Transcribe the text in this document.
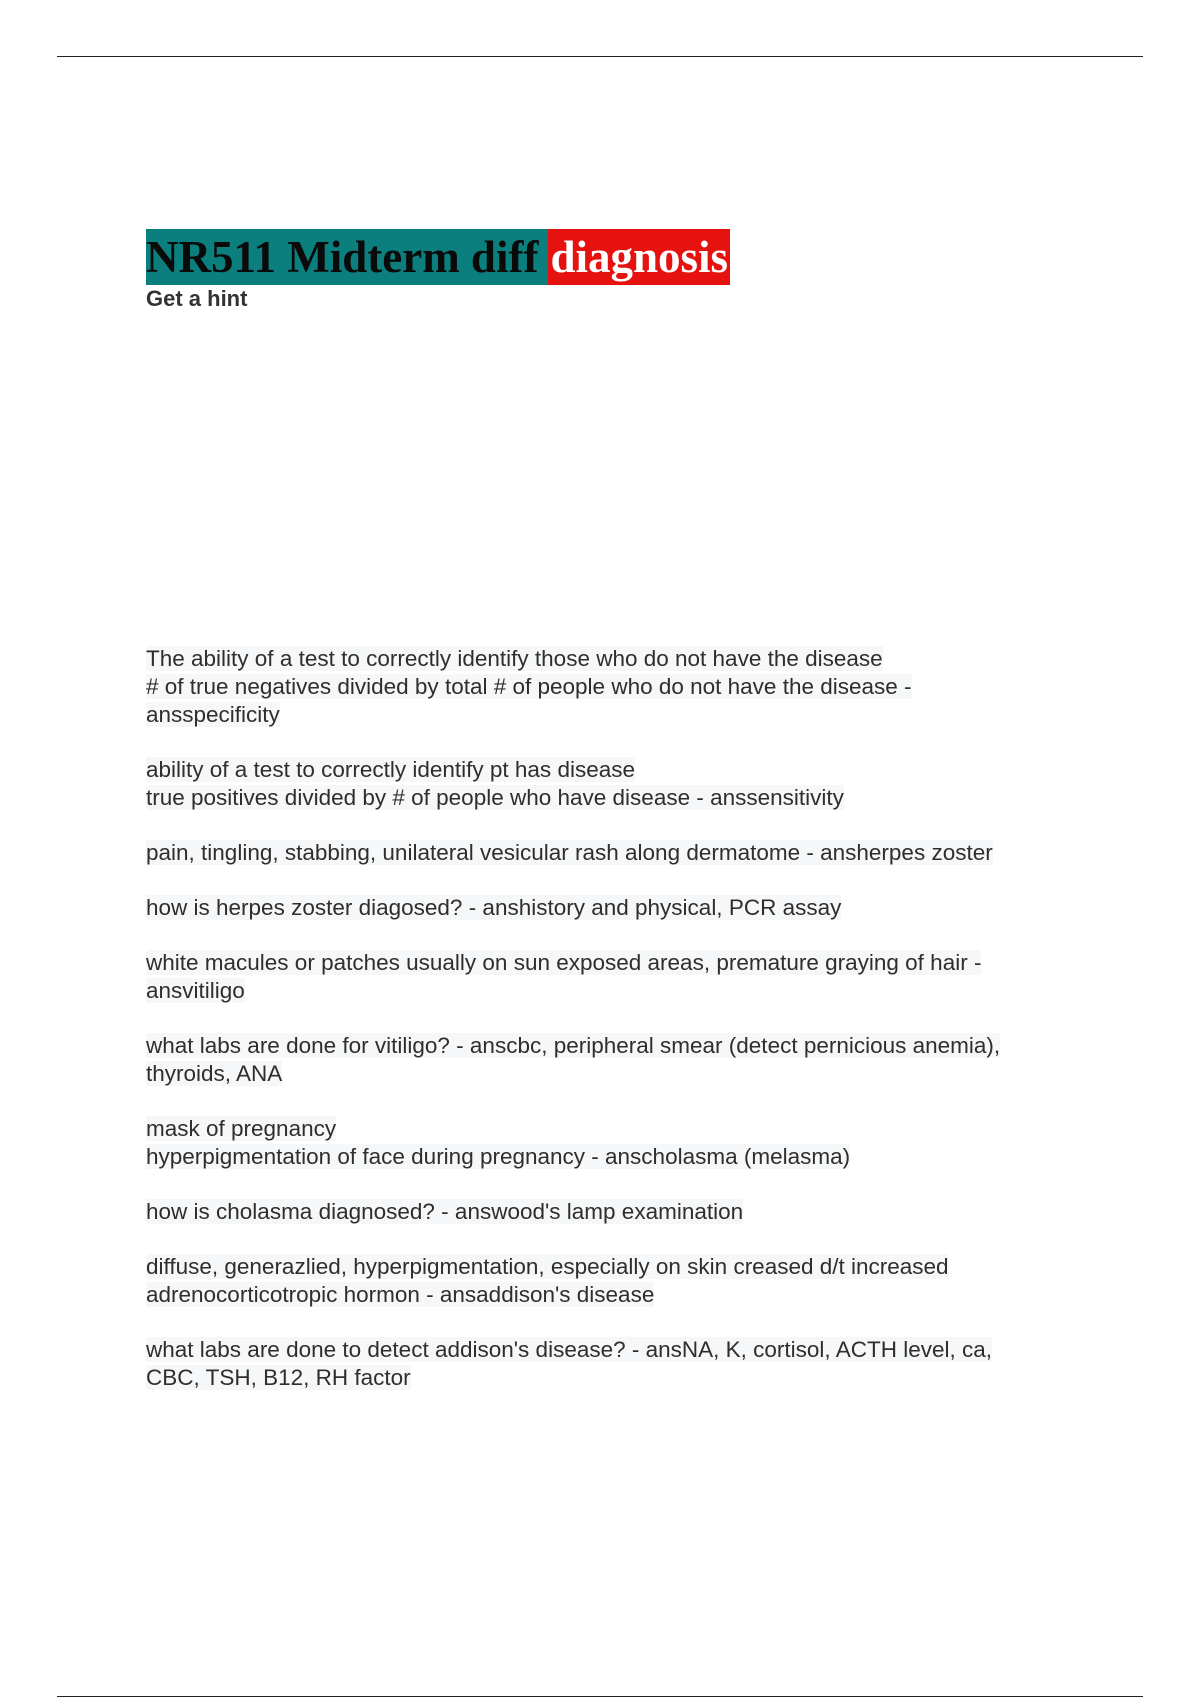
NR511 Midterm diff diagnosis
Get a hint
The ability of a test to correctly identify those who do not have the disease
# of true negatives divided by total # of people who do not have the disease -
ansspecificity
ability of a test to correctly identify pt has disease
true positives divided by # of people who have disease - anssensitivity
pain, tingling, stabbing, unilateral vesicular rash along dermatome - ansherpes zoster
how is herpes zoster diagosed? - anshistory and physical, PCR assay
white macules or patches usually on sun exposed areas, premature graying of hair -
ansvitiligo
what labs are done for vitiligo? - anscbc, peripheral smear (detect pernicious anemia),
thyroids, ANA
mask of pregnancy
hyperpigmentation of face during pregnancy - anscholasma (melasma)
how is cholasma diagnosed? - answood's lamp examination
diffuse, generazlied, hyperpigmentation, especially on skin creased d/t increased
adrenocorticotropic hormon - ansaddison's disease
what labs are done to detect addison's disease? - ansNA, K, cortisol, ACTH level, ca,
CBC, TSH, B12, RH factor
